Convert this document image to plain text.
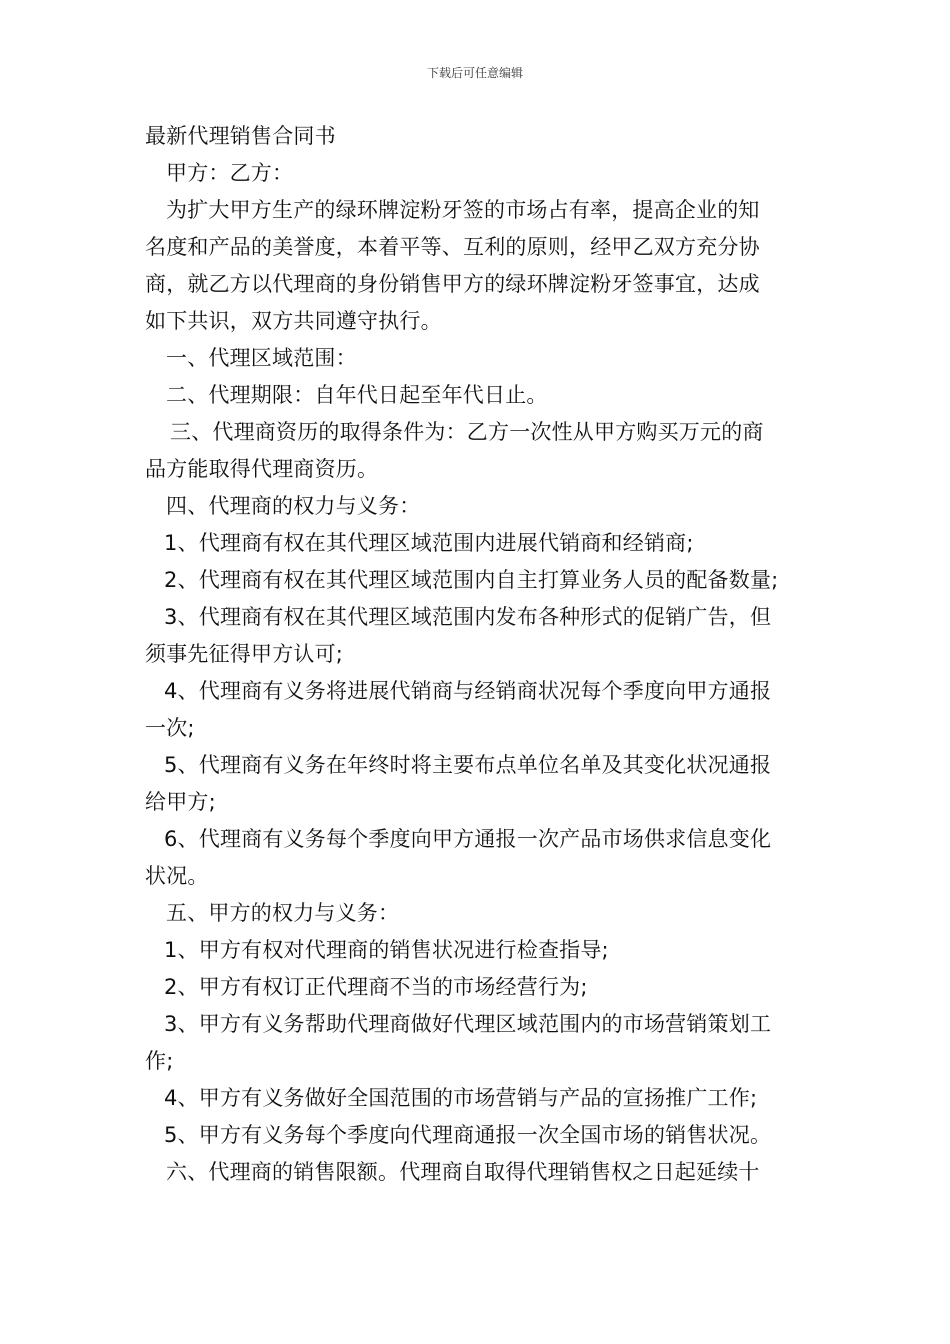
下载后可任意编辑

最新代理销售合同书

甲方：乙方：

为扩大甲方生产的绿环牌淀粉牙签的市场占有率，提高企业的知

名度和产品的美誉度，本着平等、互利的原则，经甲乙双方充分协

商，就乙方以代理商的身份销售甲方的绿环牌淀粉牙签事宜，达成

如下共识，双方共同遵守执行。

一、代理区域范围：

二、代理期限：自年代日起至年代日止。

三、代理商资历的取得条件为：乙方一次性从甲方购买万元的商

品方能取得代理商资历。

四、代理商的权力与义务：

1、代理商有权在其代理区域范围内进展代销商和经销商;

2、代理商有权在其代理区域范围内自主打算业务人员的配备数量;

3、代理商有权在其代理区域范围内发布各种形式的促销广告，但

须事先征得甲方认可;

4、代理商有义务将进展代销商与经销商状况每个季度向甲方通报

一次;

5、代理商有义务在年终时将主要布点单位名单及其变化状况通报

给甲方;

6、代理商有义务每个季度向甲方通报一次产品市场供求信息变化

状况。

五、甲方的权力与义务：

1、甲方有权对代理商的销售状况进行检查指导;

2、甲方有权订正代理商不当的市场经营行为;

3、甲方有义务帮助代理商做好代理区域范围内的市场营销策划工

作;

4、甲方有义务做好全国范围的市场营销与产品的宣扬推广工作;

5、甲方有义务每个季度向代理商通报一次全国市场的销售状况。

六、代理商的销售限额。代理商自取得代理销售权之日起延续十
